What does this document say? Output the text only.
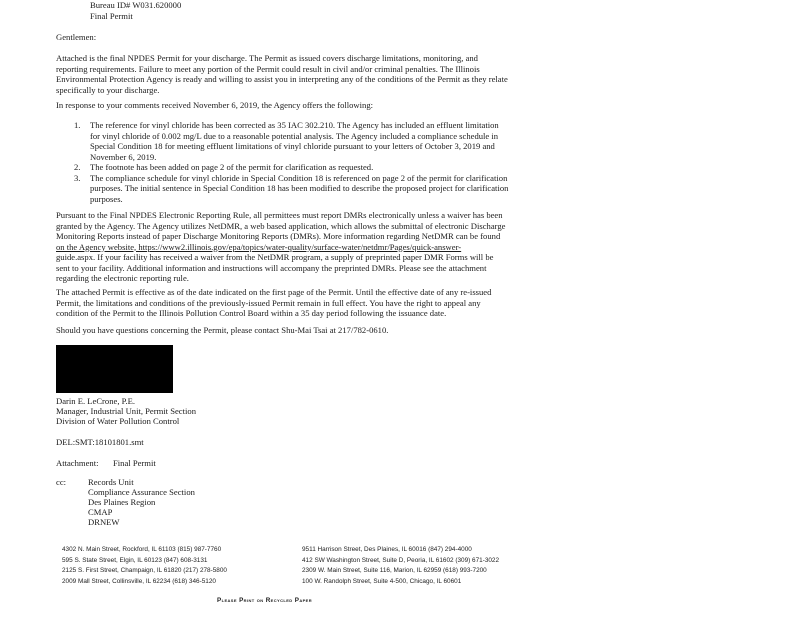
Bureau ID# W031.620000
Final Permit
Gentlemen:
Attached is the final NPDES Permit for your discharge. The Permit as issued covers discharge limitations, monitoring, and
reporting requirements. Failure to meet any portion of the Permit could result in civil and/or criminal penalties. The Illinois
Environmental Protection Agency is ready and willing to assist you in interpreting any of the conditions of the Permit as they relate
specifically to your discharge.
In response to your comments received November 6, 2019, the Agency offers the following:
1.	The reference for vinyl chloride has been corrected as 35 IAC 302.210. The Agency has included an effluent limitation
for vinyl chloride of 0.002 mg/L due to a reasonable potential analysis. The Agency included a compliance schedule in
Special Condition 18 for meeting effluent limitations of vinyl chloride pursuant to your letters of October 3, 2019 and
November 6, 2019.
2.	The footnote has been added on page 2 of the permit for clarification as requested.
3.	The compliance schedule for vinyl chloride in Special Condition 18 is referenced on page 2 of the permit for clarification
purposes. The initial sentence in Special Condition 18 has been modified to describe the proposed project for clarification
purposes.
Pursuant to the Final NPDES Electronic Reporting Rule, all permittees must report DMRs electronically unless a waiver has been
granted by the Agency. The Agency utilizes NetDMR, a web based application, which allows the submittal of electronic Discharge
Monitoring Reports instead of paper Discharge Monitoring Reports (DMRs). More information regarding NetDMR can be found
on the Agency website, https://www2.illinois.gov/epa/topics/water-quality/surface-water/netdmr/Pages/quick-answer-
guide.aspx. If your facility has received a waiver from the NetDMR program, a supply of preprinted paper DMR Forms will be
sent to your facility. Additional information and instructions will accompany the preprinted DMRs. Please see the attachment
regarding the electronic reporting rule.
The attached Permit is effective as of the date indicated on the first page of the Permit. Until the effective date of any re-issued
Permit, the limitations and conditions of the previously-issued Permit remain in full effect. You have the right to appeal any
condition of the Permit to the Illinois Pollution Control Board within a 35 day period following the issuance date.
Should you have questions concerning the Permit, please contact Shu-Mai Tsai at 217/782-0610.
Darin E. LeCrone, P.E.
Manager, Industrial Unit, Permit Section
Division of Water Pollution Control
DEL:SMT:18101801.smt
Attachment: Final Permit
cc:	Records Unit
Compliance Assurance Section
Des Plaines Region
CMAP
DRNEW
4302 N. Main Street, Rockford, IL 61103 (815) 987-7760
595 S. State Street, Elgin, IL 60123 (847) 608-3131
2125 S. First Street, Champaign, IL 61820 (217) 278-5800
2009 Mall Street, Collinsville, IL 62234 (618) 346-5120
9511 Harrison Street, Des Plaines, IL 60016 (847) 294-4000
412 SW Washington Street, Suite D, Peoria, IL 61602 (309) 671-3022
2309 W. Main Street, Suite 116, Marion, IL 62959 (618) 993-7200
100 W. Randolph Street, Suite 4-500, Chicago, IL 60601
Please Print on Recycled Paper
